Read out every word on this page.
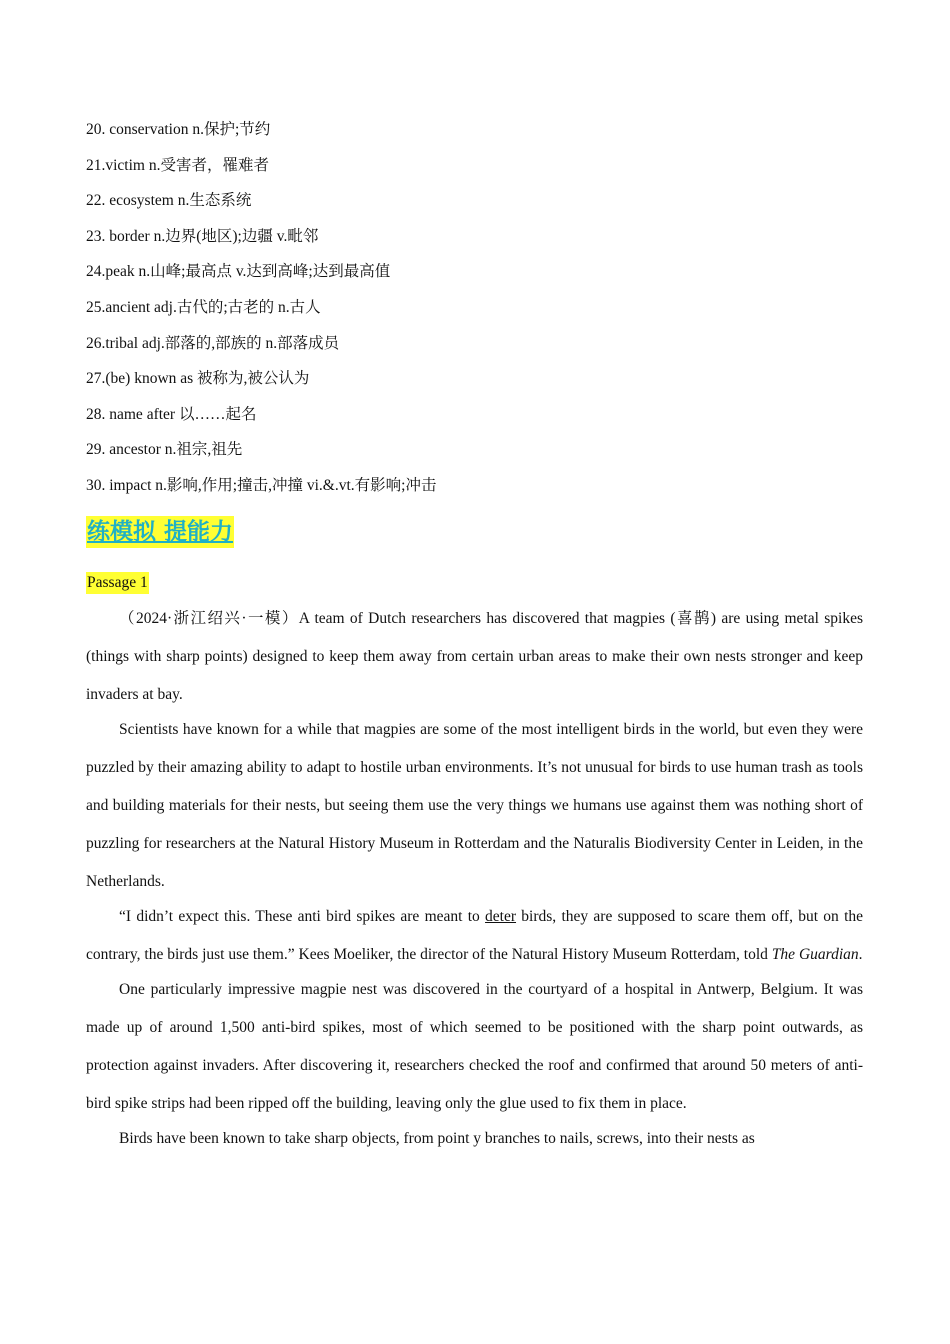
20. conservation n.保护;节约
21.victim n.受害者，罹难者
22. ecosystem n.生态系统
23. border n.边界(地区);边疆 v.毗邻
24.peak n.山峰;最高点 v.达到高峰;达到最高值
25.ancient adj.古代的;古老的 n.古人
26.tribal adj.部落的,部族的 n.部落成员
27.(be) known as 被称为,被公认为
28. name after 以……起名
29. ancestor n.祖宗,祖先
30. impact n.影响,作用;撞击,冲撞 vi.&.vt.有影响;冲击
练模拟 提能力
Passage 1

（2024·浙江绍兴·一模）A team of Dutch researchers has discovered that magpies (喜鹊) are using metal spikes (things with sharp points) designed to keep them away from certain urban areas to make their own nests stronger and keep invaders at bay.

Scientists have known for a while that magpies are some of the most intelligent birds in the world, but even they were puzzled by their amazing ability to adapt to hostile urban environments. It’s not unusual for birds to use human trash as tools and building materials for their nests, but seeing them use the very things we humans use against them was nothing short of puzzling for researchers at the Natural History Museum in Rotterdam and the Naturalis Biodiversity Center in Leiden, in the Netherlands.

“I didn’t expect this. These anti bird spikes are meant to deter birds, they are supposed to scare them off, but on the contrary, the birds just use them.” Kees Moeliker, the director of the Natural History Museum Rotterdam, told The Guardian.

One particularly impressive magpie nest was discovered in the courtyard of a hospital in Antwerp, Belgium. It was made up of around 1,500 anti-bird spikes, most of which seemed to be positioned with the sharp point outwards, as protection against invaders. After discovering it, researchers checked the roof and confirmed that around 50 meters of anti-bird spike strips had been ripped off the building, leaving only the glue used to fix them in place.

Birds have been known to take sharp objects, from point y branches to nails, screws, into their nests as
